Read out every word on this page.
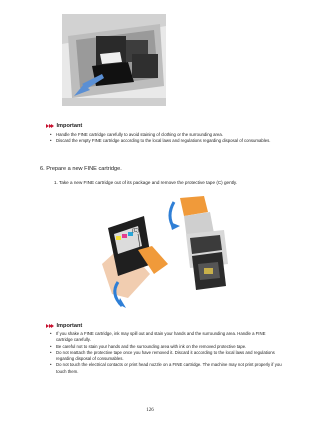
Important
• Handle the FINE cartridge carefully to avoid staining of clothing or the surrounding area.
• Discard the empty FINE cartridge according to the local laws and regulations regarding disposal of consumables.
6. Prepare a new FINE cartridge.
1. Take a new FINE cartridge out of its package and remove the protective tape (C) gently.
(C)
Important
• If you shake a FINE cartridge, ink may spill out and stain your hands and the surrounding area. Handle a FINE cartridge carefully.
• Be careful not to stain your hands and the surrounding area with ink on the removed protective tape.
• Do not reattach the protective tape once you have removed it. Discard it according to the local laws and regulations regarding disposal of consumables.
• Do not touch the electrical contacts or print head nozzle on a FINE cartridge. The machine may not print properly if you touch them.
126
